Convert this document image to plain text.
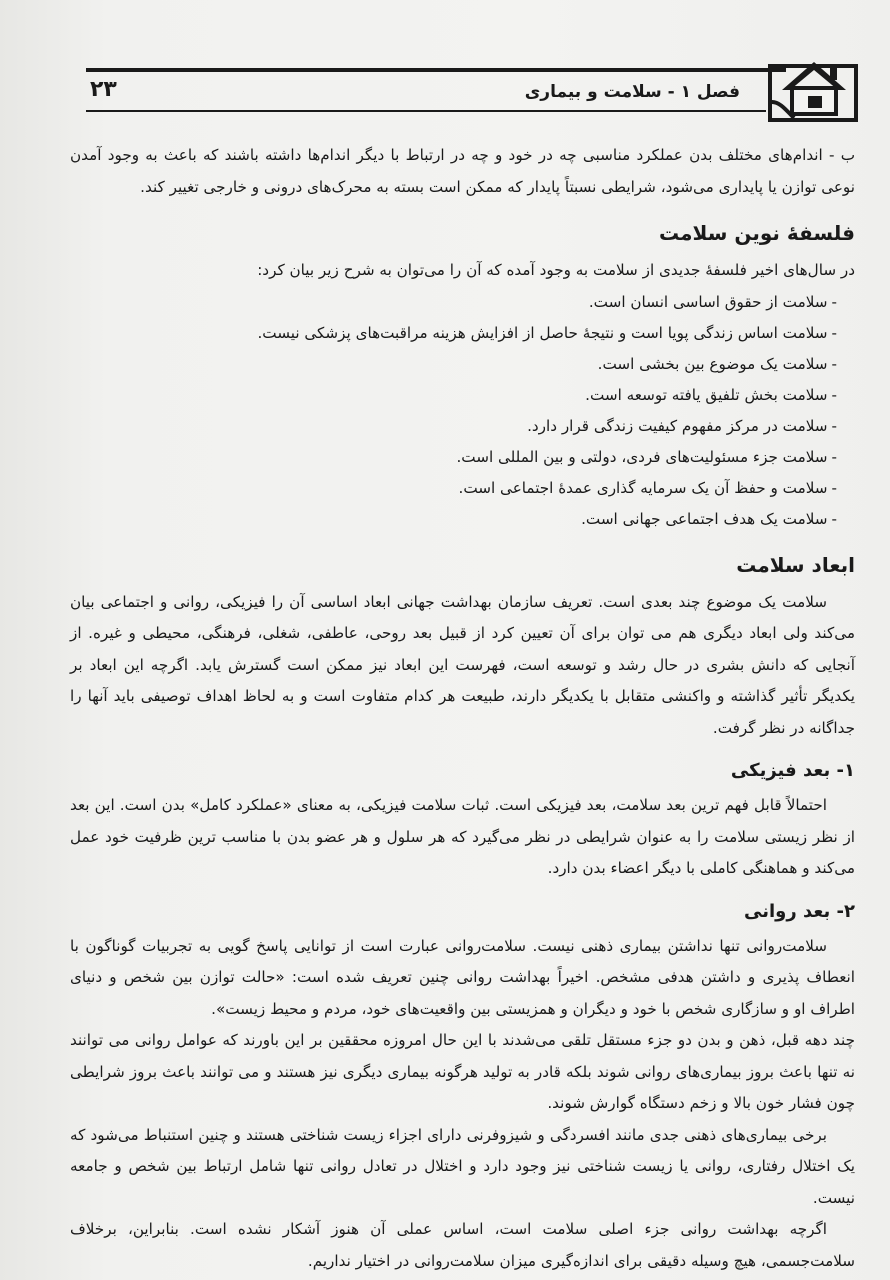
۲۳	فصل ۱ - سلامت و بیماری

ب - اندام‌های مختلف بدن عملکرد مناسبی چه در خود و چه در ارتباط با دیگر اندام‌ها داشته باشند که باعث به وجود آمدن نوعی توازن یا پایداری می‌شود، شرایطی نسبتاً پایدار که ممکن است بسته به محرک‌های درونی و خارجی تغییر کند.

فلسفهٔ نوین سلامت

در سال‌های اخیر فلسفهٔ جدیدی از سلامت به وجود آمده که آن را می‌توان به شرح زیر بیان کرد:

-سلامت از حقوق اساسی انسان است.
-سلامت اساس زندگی پویا است و نتیجهٔ حاصل از افزایش هزینه مراقبت‌های پزشکی نیست.
-سلامت یک موضوع بین بخشی است.
-سلامت بخش تلفیق یافته توسعه است.
-سلامت در مرکز مفهوم کیفیت زندگی قرار دارد.
-سلامت جزء مسئولیت‌های فردی، دولتی و بین المللی است.
-سلامت و حفظ آن یک سرمایه گذاری عمدهٔ اجتماعی است.
-سلامت یک هدف اجتماعی جهانی است.
ابعاد سلامت

سلامت یک موضوع چند بعدی است. تعریف سازمان بهداشت جهانی ابعاد اساسی آن را فیزیکی، روانی و اجتماعی بیان می‌کند ولی ابعاد دیگری هم می توان برای آن تعیین کرد از قبیل بعد روحی، عاطفی، شغلی، فرهنگی، محیطی و غیره. از آنجایی که دانش بشری در حال رشد و توسعه است، فهرست این ابعاد نیز ممکن است گسترش یابد. اگرچه این ابعاد بر یکدیگر تأثیر گذاشته و واکنشی متقابل با یکدیگر دارند، طبیعت هر کدام متفاوت است و به لحاظ اهداف توصیفی باید آنها را جداگانه در نظر گرفت.

۱- بعد فیزیکی

احتمالاً قابل فهم ترین بعد سلامت، بعد فیزیکی است. ثبات سلامت فیزیکی، به معنای «عملکرد کامل» بدن است. این بعد از نظر زیستی سلامت را به عنوان شرایطی در نظر می‌گیرد که هر سلول و هر عضو بدن با مناسب ترین ظرفیت خود عمل می‌کند و هماهنگی کاملی با دیگر اعضاء بدن دارد.

۲- بعد روانی

سلامت‌روانی تنها نداشتن بیماری ذهنی نیست. سلامت‌روانی عبارت است از توانایی پاسخ گویی به تجربیات گوناگون با انعطاف پذیری و داشتن هدفی مشخص. اخیراً بهداشت روانی چنین تعریف شده است: «حالت توازن بین شخص و دنیای اطراف او و سازگاری شخص با خود و دیگران و همزیستی بین واقعیت‌های خود، مردم و محیط زیست».

چند دهه قبل، ذهن و بدن دو جزء مستقل تلقی می‌شدند با این حال امروزه محققین بر این باورند که عوامل روانی می توانند نه تنها باعث بروز بیماری‌های روانی شوند بلکه قادر به تولید هرگونه بیماری دیگری نیز هستند و می توانند باعث بروز شرایطی چون فشار خون بالا و زخم دستگاه گوارش شوند.

برخی بیماری‌های ذهنی جدی مانند افسردگی و شیزوفرنی دارای اجزاء زیست شناختی هستند و چنین استنباط می‌شود که یک اختلال رفتاری، روانی یا زیست شناختی نیز وجود دارد و اختلال در تعادل روانی تنها شامل ارتباط بین شخص و جامعه نیست.

اگرچه بهداشت روانی جزء اصلی سلامت است، اساس عملی آن هنوز آشکار نشده است. بنابراین، برخلاف سلامت‌جسمی، هیچ وسیله دقیقی برای اندازه‌گیری میزان سلامت‌روانی در اختیار نداریم.
